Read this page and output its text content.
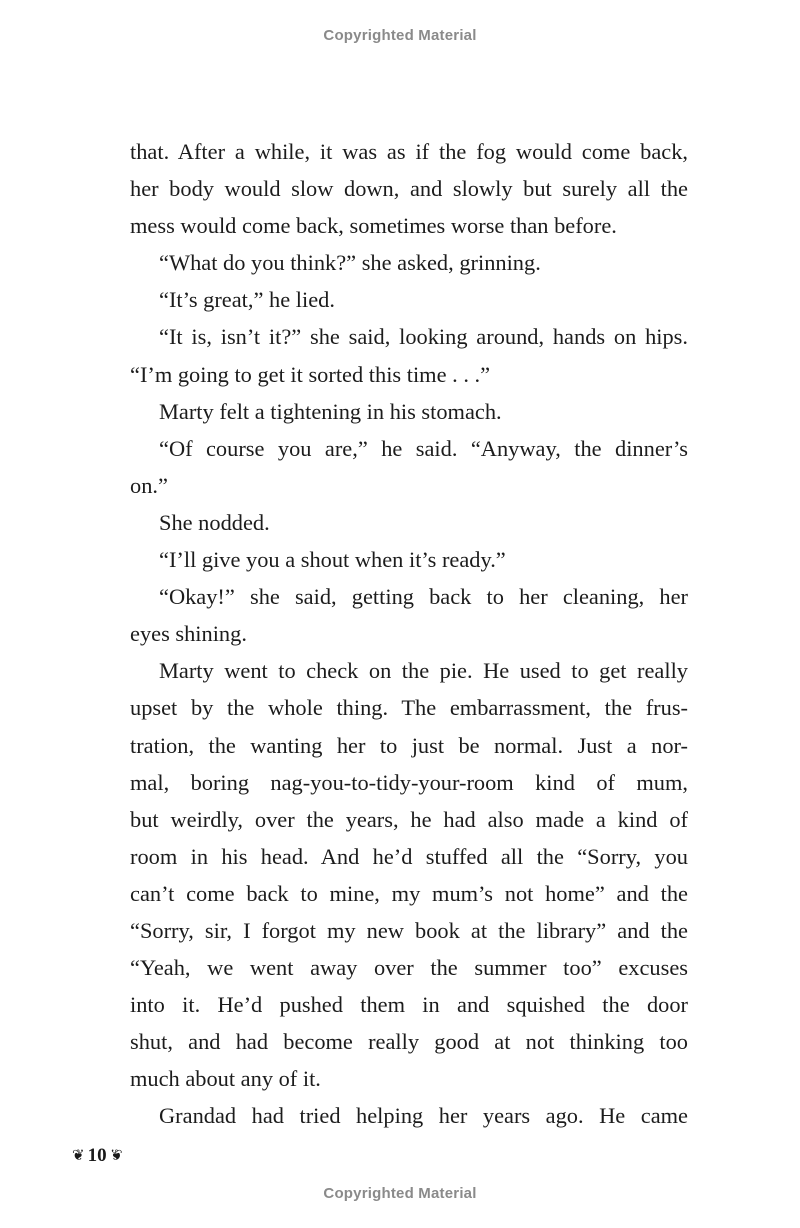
Copyrighted Material
that. After a while, it was as if the fog would come back,
her body would slow down, and slowly but surely all the
mess would come back, sometimes worse than before.
“What do you think?” she asked, grinning.
“It’s great,” he lied.
“It is, isn’t it?” she said, looking around, hands on hips.
“I’m going to get it sorted this time . . .”
Marty felt a tightening in his stomach.
“Of course you are,” he said. “Anyway, the dinner’s
on.”
She nodded.
“I’ll give you a shout when it’s ready.”
“Okay!” she said, getting back to her cleaning, her
eyes shining.
Marty went to check on the pie. He used to get really
upset by the whole thing. The embarrassment, the frus-
tration, the wanting her to just be normal. Just a nor-
mal, boring nag-you-to-tidy-your-room kind of mum,
but weirdly, over the years, he had also made a kind of
room in his head. And he’d stuffed all the “Sorry, you
can’t come back to mine, my mum’s not home” and the
“Sorry, sir, I forgot my new book at the library” and the
“Yeah, we went away over the summer too” excuses
into it. He’d pushed them in and squished the door
shut, and had become really good at not thinking too
much about any of it.
Grandad had tried helping her years ago. He came
❦ 10 ❦
Copyrighted Material
